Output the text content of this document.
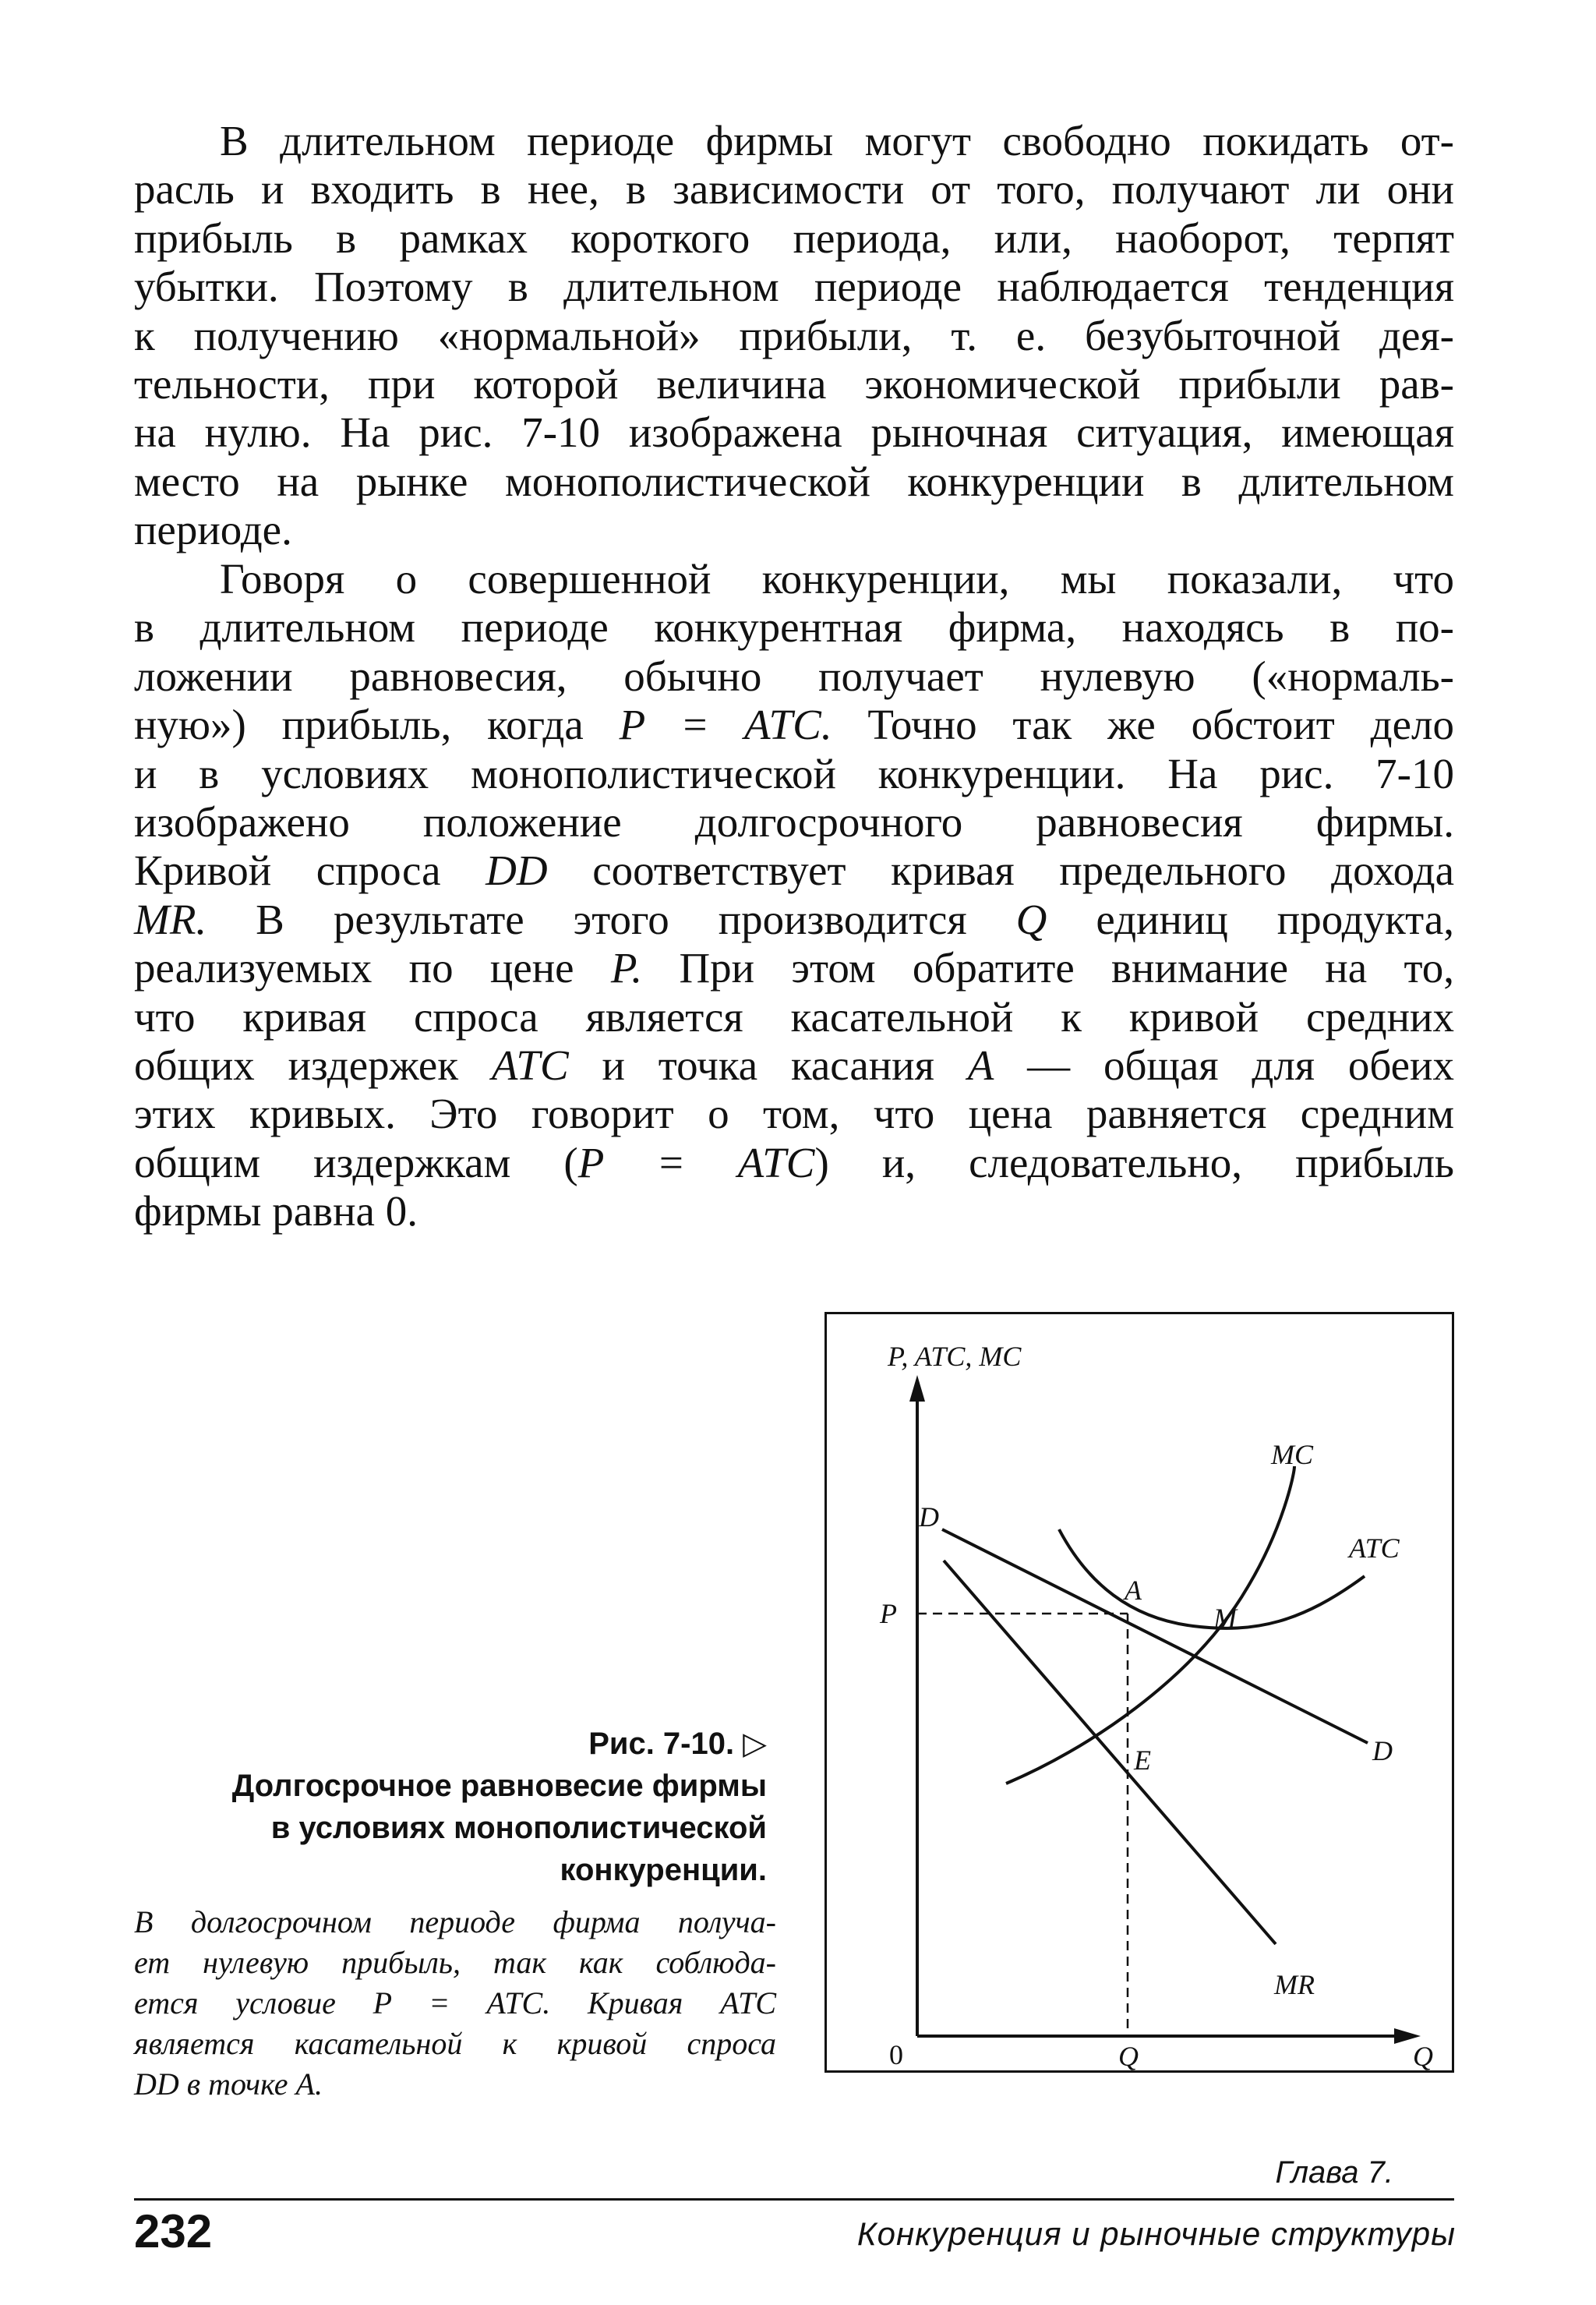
В длительном периоде фирмы могут свободно покидать от-
расль и входить в нее, в зависимости от того, получают ли они
прибыль в рамках короткого периода, или, наоборот, терпят
убытки. Поэтому в длительном периоде наблюдается тенденция
к получению «нормальной» прибыли, т. е. безубыточной дея-
тельности, при которой величина экономической прибыли рав-
на нулю. На рис. 7-10 изображена рыночная ситуация, имеющая
место на рынке монополистической конкуренции в длительном
периоде.
Говоря о совершенной конкуренции, мы показали, что
в длительном периоде конкурентная фирма, находясь в по-
ложении равновесия, обычно получает нулевую («нормаль-
ную») прибыль, когда P = ATC. Точно так же обстоит дело
и в условиях монополистической конкуренции. На рис. 7-10
изображено положение долгосрочного равновесия фирмы.
Кривой спроса DD соответствует кривая предельного дохода
MR. В результате этого производится Q единиц продукта,
реализуемых по цене P. При этом обратите внимание на то,
что кривая спроса является касательной к кривой средних
общих издержек ATC и точка касания A — общая для обеих
этих кривых. Это говорит о том, что цена равняется средним
общим издержкам (P = ATC) и, следовательно, прибыль
фирмы равна 0.
P, ATC, MC
MC
ATC
D
D
MR
A
M
E
P
0	Q	Q
Рис. 7-10. ▷
Долгосрочное равновесие фирмы
в условиях монополистической
конкуренции.
В долгосрочном периоде фирма получа-
ет нулевую прибыль, так как соблюда-
ется условие P = ATC. Кривая ATC
является касательной к кривой спроса
DD в точке A.
Глава 7.
232	Конкуренция и рыночные структуры
